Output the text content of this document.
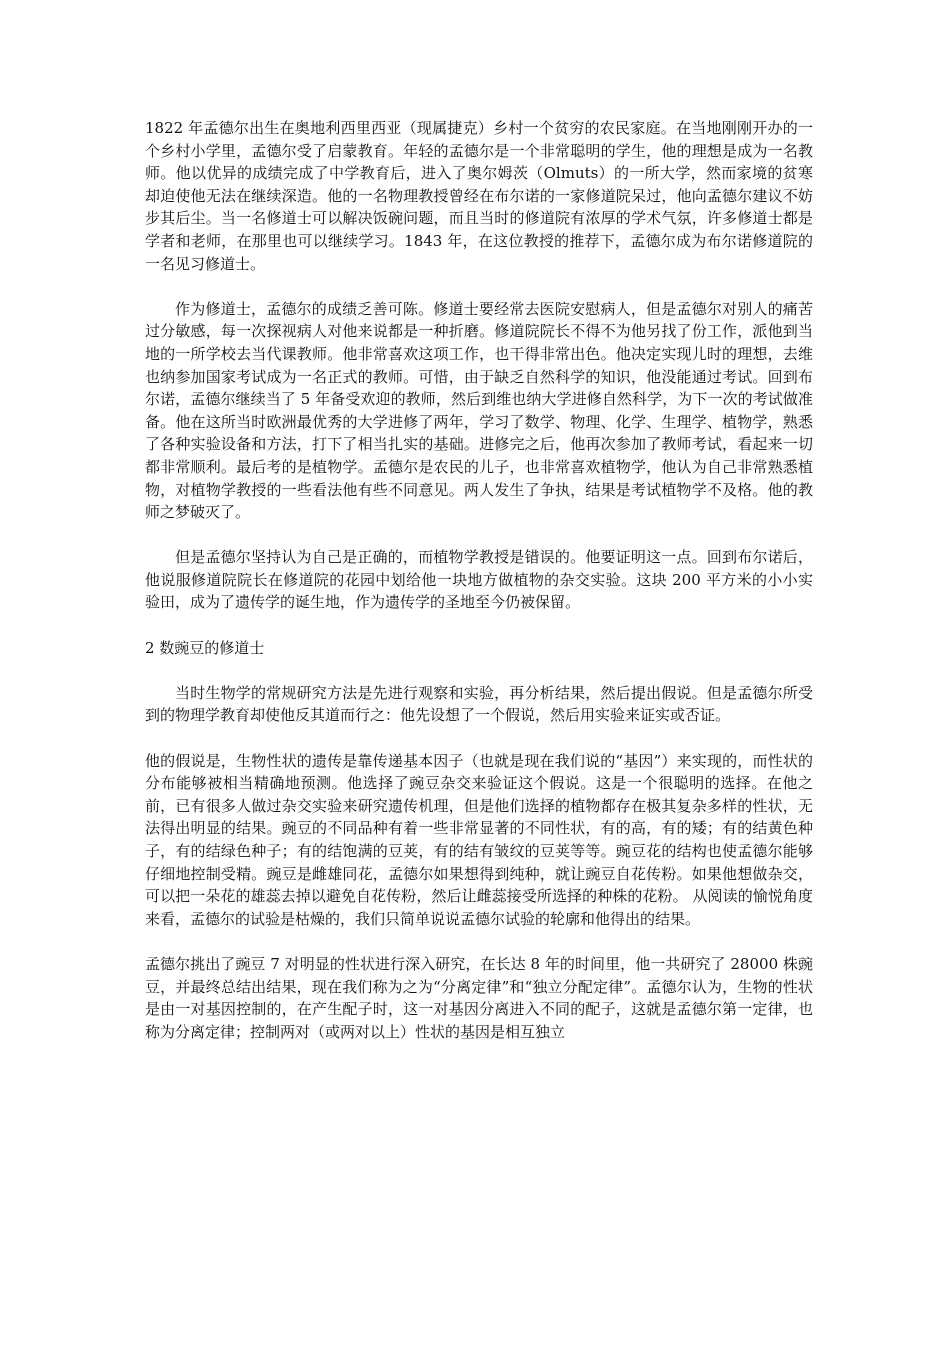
1822 年孟德尔出生在奥地利西里西亚（现属捷克）乡村一个贫穷的农民家庭。在当地刚刚开办的一个乡村小学里，孟德尔受了启蒙教育。年轻的孟德尔是一个非常聪明的学生，他的理想是成为一名教师。他以优异的成绩完成了中学教育后，进入了奥尔姆茨（Olmuts）的一所大学，然而家境的贫寒却迫使他无法在继续深造。他的一名物理教授曾经在布尔诺的一家修道院呆过，他向孟德尔建议不妨步其后尘。当一名修道士可以解决饭碗问题，而且当时的修道院有浓厚的学术气氛，许多修道士都是学者和老师，在那里也可以继续学习。1843 年，在这位教授的推荐下，孟德尔成为布尔诺修道院的一名见习修道士。

作为修道士，孟德尔的成绩乏善可陈。修道士要经常去医院安慰病人，但是孟德尔对别人的痛苦过分敏感，每一次探视病人对他来说都是一种折磨。修道院院长不得不为他另找了份工作，派他到当地的一所学校去当代课教师。他非常喜欢这项工作，也干得非常出色。他决定实现儿时的理想，去维也纳参加国家考试成为一名正式的教师。可惜，由于缺乏自然科学的知识，他没能通过考试。回到布尔诺，孟德尔继续当了 5 年备受欢迎的教师，然后到维也纳大学进修自然科学，为下一次的考试做准备。他在这所当时欧洲最优秀的大学进修了两年，学习了数学、物理、化学、生理学、植物学，熟悉了各种实验设备和方法，打下了相当扎实的基础。进修完之后，他再次参加了教师考试，看起来一切都非常顺利。最后考的是植物学。孟德尔是农民的儿子，也非常喜欢植物学，他认为自己非常熟悉植物，对植物学教授的一些看法他有些不同意见。两人发生了争执，结果是考试植物学不及格。他的教师之梦破灭了。

但是孟德尔坚持认为自己是正确的，而植物学教授是错误的。他要证明这一点。回到布尔诺后，他说服修道院院长在修道院的花园中划给他一块地方做植物的杂交实验。这块 200 平方米的小小实验田，成为了遗传学的诞生地，作为遗传学的圣地至今仍被保留。

2 数豌豆的修道士

当时生物学的常规研究方法是先进行观察和实验，再分析结果，然后提出假说。但是孟德尔所受到的物理学教育却使他反其道而行之：他先设想了一个假说，然后用实验来证实或否证。

他的假说是，生物性状的遗传是靠传递基本因子（也就是现在我们说的“基因”）来实现的，而性状的分布能够被相当精确地预测。他选择了豌豆杂交来验证这个假说。这是一个很聪明的选择。在他之前，已有很多人做过杂交实验来研究遗传机理，但是他们选择的植物都存在极其复杂多样的性状，无法得出明显的结果。豌豆的不同品种有着一些非常显著的不同性状，有的高，有的矮；有的结黄色种子，有的结绿色种子；有的结饱满的豆荚，有的结有皱纹的豆荚等等。豌豆花的结构也使孟德尔能够仔细地控制受精。豌豆是雌雄同花，孟德尔如果想得到纯种，就让豌豆自花传粉。如果他想做杂交，可以把一朵花的雄蕊去掉以避免自花传粉，然后让雌蕊接受所选择的种株的花粉。 从阅读的愉悦角度来看，孟德尔的试验是枯燥的，我们只简单说说孟德尔试验的轮廓和他得出的结果。

孟德尔挑出了豌豆 7 对明显的性状进行深入研究，在长达 8 年的时间里，他一共研究了 28000 株豌豆，并最终总结出结果，现在我们称为之为“分离定律”和“独立分配定律”。孟德尔认为，生物的性状是由一对基因控制的，在产生配子时，这一对基因分离进入不同的配子，这就是孟德尔第一定律，也称为分离定律；控制两对（或两对以上）性状的基因是相互独立
